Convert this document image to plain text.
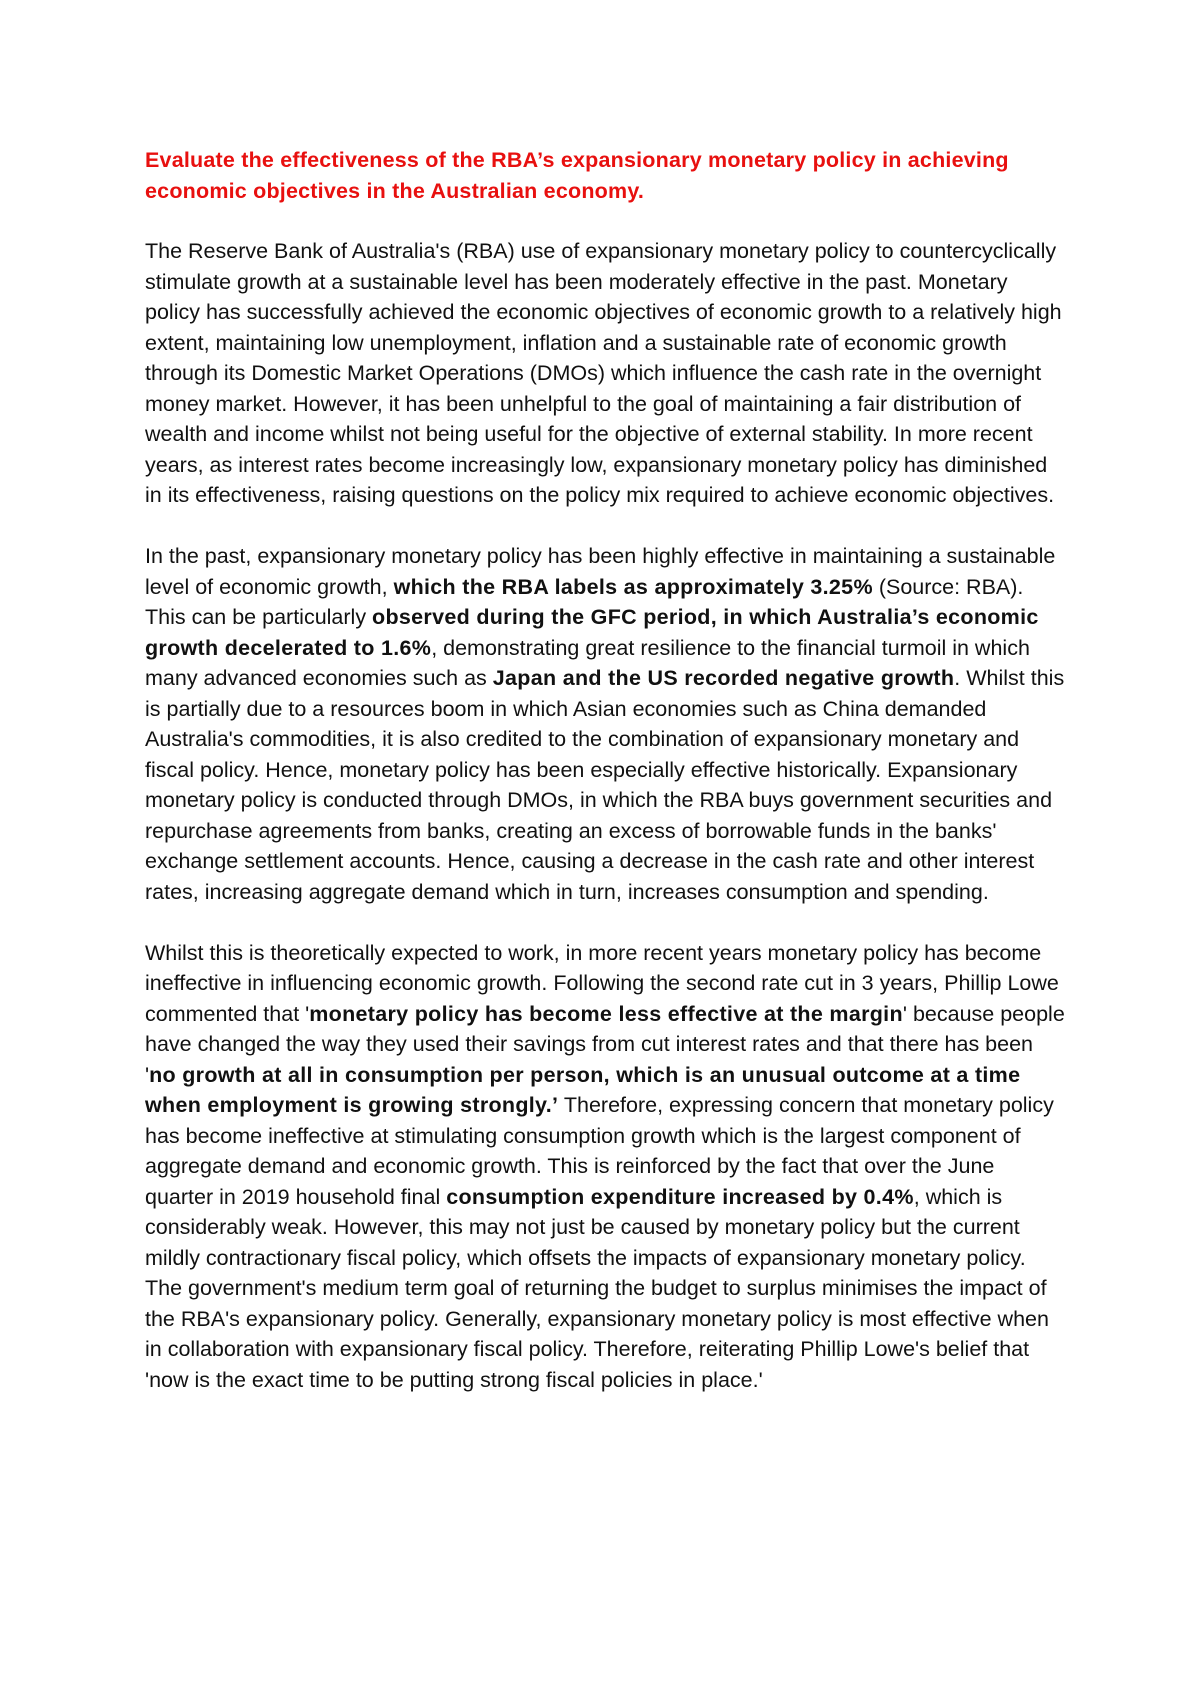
Evaluate the effectiveness of the RBA’s expansionary monetary policy in achieving economic objectives in the Australian economy.

The Reserve Bank of Australia's (RBA) use of expansionary monetary policy to countercyclically stimulate growth at a sustainable level has been moderately effective in the past. Monetary policy has successfully achieved the economic objectives of economic growth to a relatively high extent, maintaining low unemployment, inflation and a sustainable rate of economic growth through its Domestic Market Operations (DMOs) which influence the cash rate in the overnight money market. However, it has been unhelpful to the goal of maintaining a fair distribution of wealth and income whilst not being useful for the objective of external stability. In more recent years, as interest rates become increasingly low, expansionary monetary policy has diminished in its effectiveness, raising questions on the policy mix required to achieve economic objectives.

In the past, expansionary monetary policy has been highly effective in maintaining a sustainable level of economic growth, which the RBA labels as approximately 3.25% (Source: RBA). This can be particularly observed during the GFC period, in which Australia’s economic growth decelerated to 1.6%, demonstrating great resilience to the financial turmoil in which many advanced economies such as Japan and the US recorded negative growth. Whilst this is partially due to a resources boom in which Asian economies such as China demanded Australia's commodities, it is also credited to the combination of expansionary monetary and fiscal policy. Hence, monetary policy has been especially effective historically. Expansionary monetary policy is conducted through DMOs, in which the RBA buys government securities and repurchase agreements from banks, creating an excess of borrowable funds in the banks' exchange settlement accounts. Hence, causing a decrease in the cash rate and other interest rates, increasing aggregate demand which in turn, increases consumption and spending.

Whilst this is theoretically expected to work, in more recent years monetary policy has become ineffective in influencing economic growth. Following the second rate cut in 3 years, Phillip Lowe commented that 'monetary policy has become less effective at the margin' because people have changed the way they used their savings from cut interest rates and that there has been 'no growth at all in consumption per person, which is an unusual outcome at a time when employment is growing strongly.’ Therefore, expressing concern that monetary policy has become ineffective at stimulating consumption growth which is the largest component of aggregate demand and economic growth. This is reinforced by the fact that over the June quarter in 2019 household final consumption expenditure increased by 0.4%, which is considerably weak. However, this may not just be caused by monetary policy but the current mildly contractionary fiscal policy, which offsets the impacts of expansionary monetary policy. The government's medium term goal of returning the budget to surplus minimises the impact of the RBA's expansionary policy. Generally, expansionary monetary policy is most effective when in collaboration with expansionary fiscal policy. Therefore, reiterating Phillip Lowe's belief that 'now is the exact time to be putting strong fiscal policies in place.'
